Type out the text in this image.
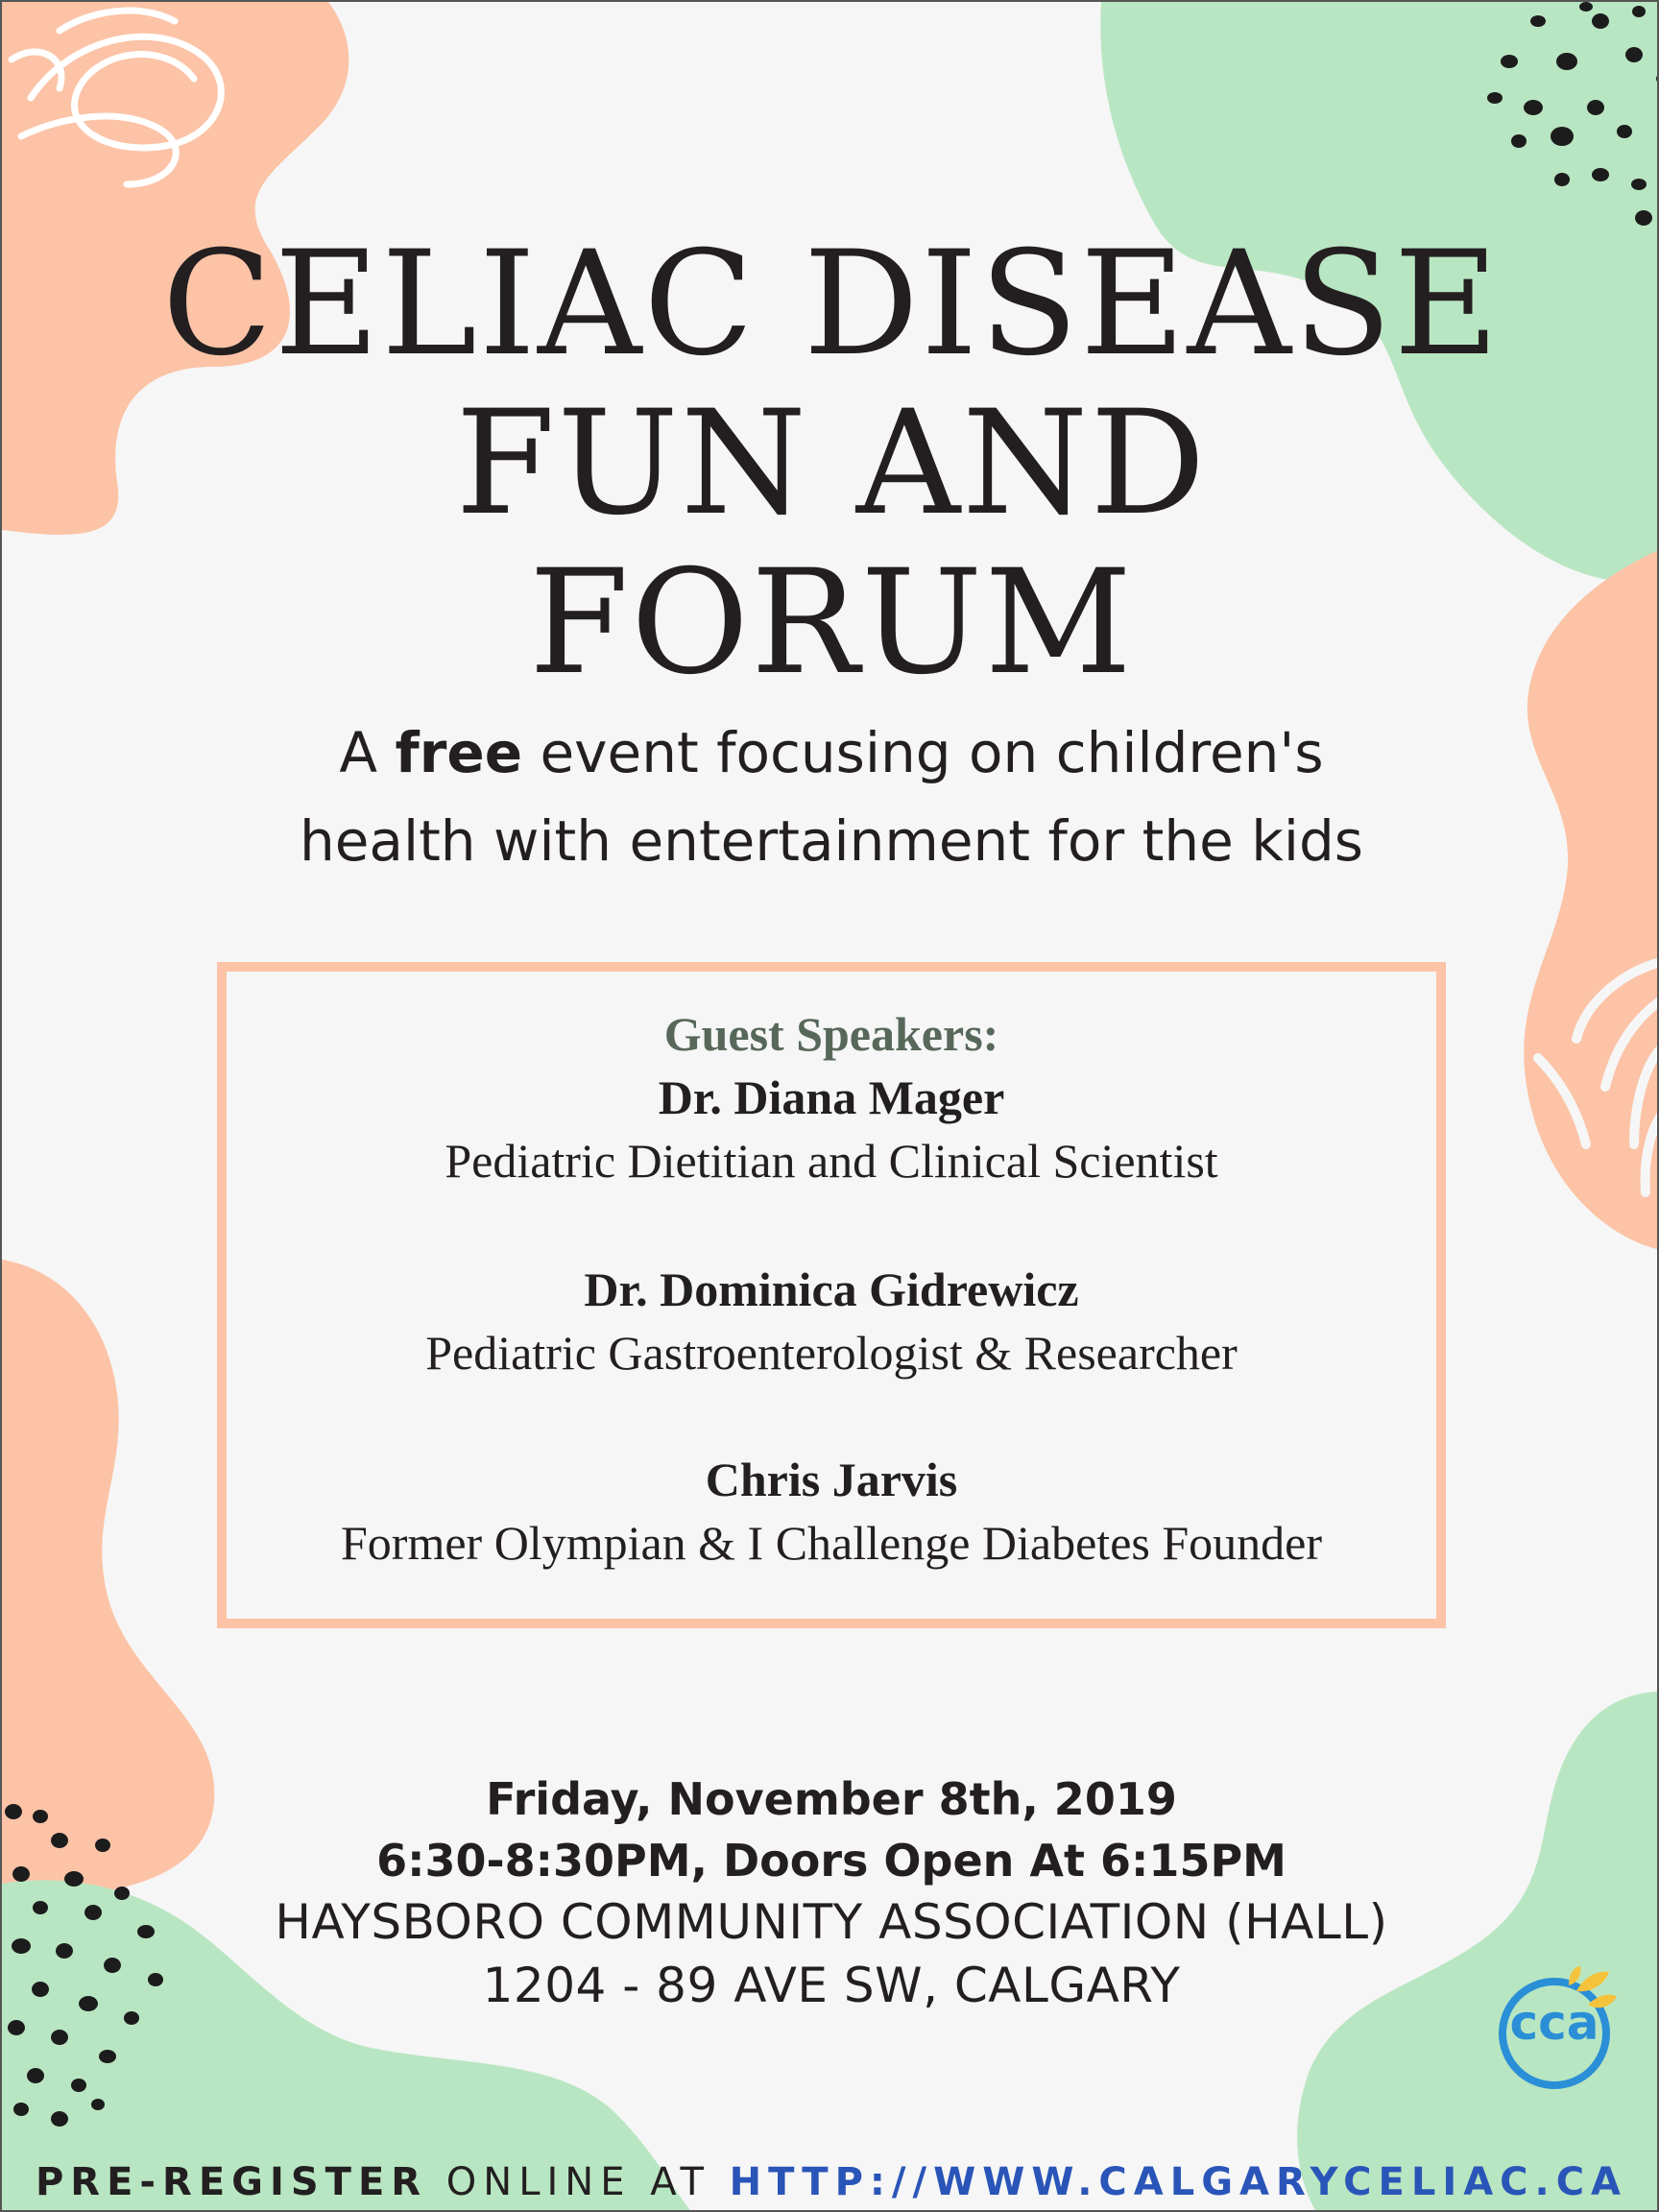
CELIAC DISEASE
FUN AND
FORUM
A free event focusing on children's
health with entertainment for the kids
Guest Speakers:
Dr. Diana Mager
Pediatric Dietitian and Clinical Scientist
Dr. Dominica Gidrewicz
Pediatric Gastroenterologist & Researcher
Chris Jarvis
Former Olympian & I Challenge Diabetes Founder
Friday, November 8th, 2019
6:30-8:30PM, Doors Open At 6:15PM
HAYSBORO COMMUNITY ASSOCIATION (HALL)
1204 - 89 AVE SW, CALGARY
cca
PRE-REGISTER ONLINE AT HTTP://WWW.CALGARYCELIAC.CA
